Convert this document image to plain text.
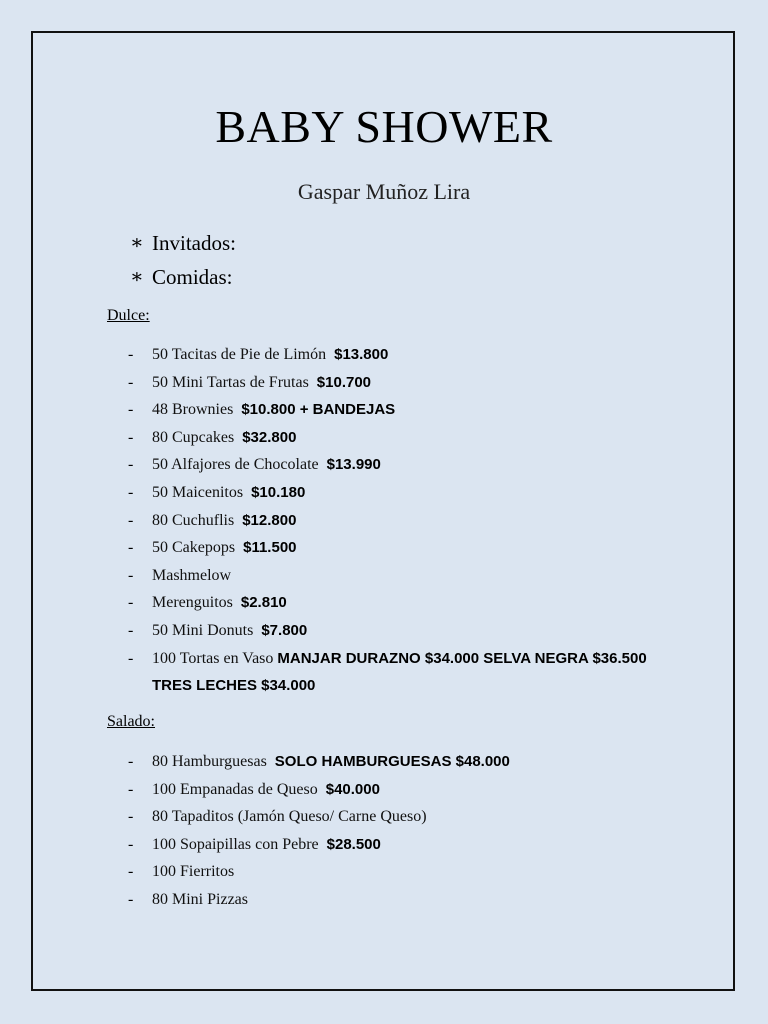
BABY SHOWER
Gaspar Muñoz Lira
∗ Invitados:
∗ Comidas:
Dulce:
-	50 Tacitas de Pie de Limón $13.800
-	50 Mini Tartas de Frutas $10.700
-	48 Brownies $10.800 + BANDEJAS
-	80 Cupcakes $32.800
-	50 Alfajores de Chocolate $13.990
-	50 Maicenitos $10.180
-	80 Cuchuflis $12.800
-	50 Cakepops $11.500
-	Mashmelow
-	Merenguitos $2.810
-	50 Mini Donuts $7.800
-	100 Tortas en Vaso MANJAR DURAZNO $34.000 SELVA NEGRA $36.500 TRES LECHES $34.000
Salado:
-	80 Hamburguesas SOLO HAMBURGUESAS $48.000
-	100 Empanadas de Queso $40.000
-	80 Tapaditos (Jamón Queso/ Carne Queso)
-	100 Sopaipillas con Pebre $28.500
-	100 Fierritos
-	80 Mini Pizzas
